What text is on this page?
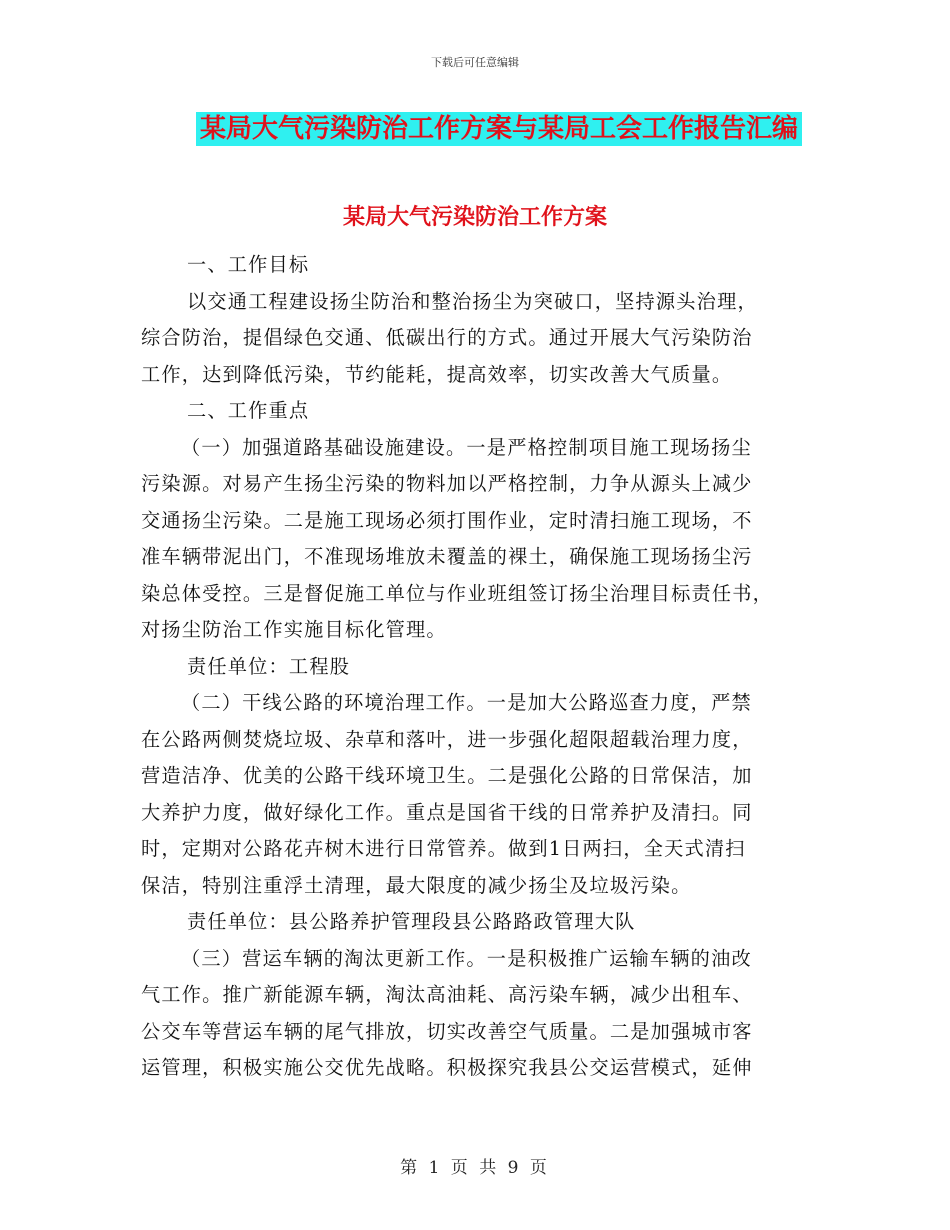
下载后可任意编辑
某局大气污染防治工作方案与某局工会工作报告汇编
某局大气污染防治工作方案
一、工作目标
以交通工程建设扬尘防治和整治扬尘为突破口，坚持源头治理，
综合防治，提倡绿色交通、低碳出行的方式。通过开展大气污染防治
工作，达到降低污染，节约能耗，提高效率，切实改善大气质量。
二、工作重点
（一）加强道路基础设施建设。一是严格控制项目施工现场扬尘
污染源。对易产生扬尘污染的物料加以严格控制，力争从源头上减少
交通扬尘污染。二是施工现场必须打围作业，定时清扫施工现场，不
准车辆带泥出门，不准现场堆放未覆盖的裸土，确保施工现场扬尘污
染总体受控。三是督促施工单位与作业班组签订扬尘治理目标责任书，
对扬尘防治工作实施目标化管理。
责任单位：工程股
（二）干线公路的环境治理工作。一是加大公路巡查力度，严禁
在公路两侧焚烧垃圾、杂草和落叶，进一步强化超限超载治理力度，
营造洁净、优美的公路干线环境卫生。二是强化公路的日常保洁，加
大养护力度，做好绿化工作。重点是国省干线的日常养护及清扫。同
时，定期对公路花卉树木进行日常管养。做到1日两扫，全天式清扫
保洁，特别注重浮土清理，最大限度的减少扬尘及垃圾污染。
责任单位：县公路养护管理段县公路路政管理大队
（三）营运车辆的淘汰更新工作。一是积极推广运输车辆的油改
气工作。推广新能源车辆，淘汰高油耗、高污染车辆，减少出租车、
公交车等营运车辆的尾气排放，切实改善空气质量。二是加强城市客
运管理，积极实施公交优先战略。积极探究我县公交运营模式，延伸
第 1 页 共 9 页
